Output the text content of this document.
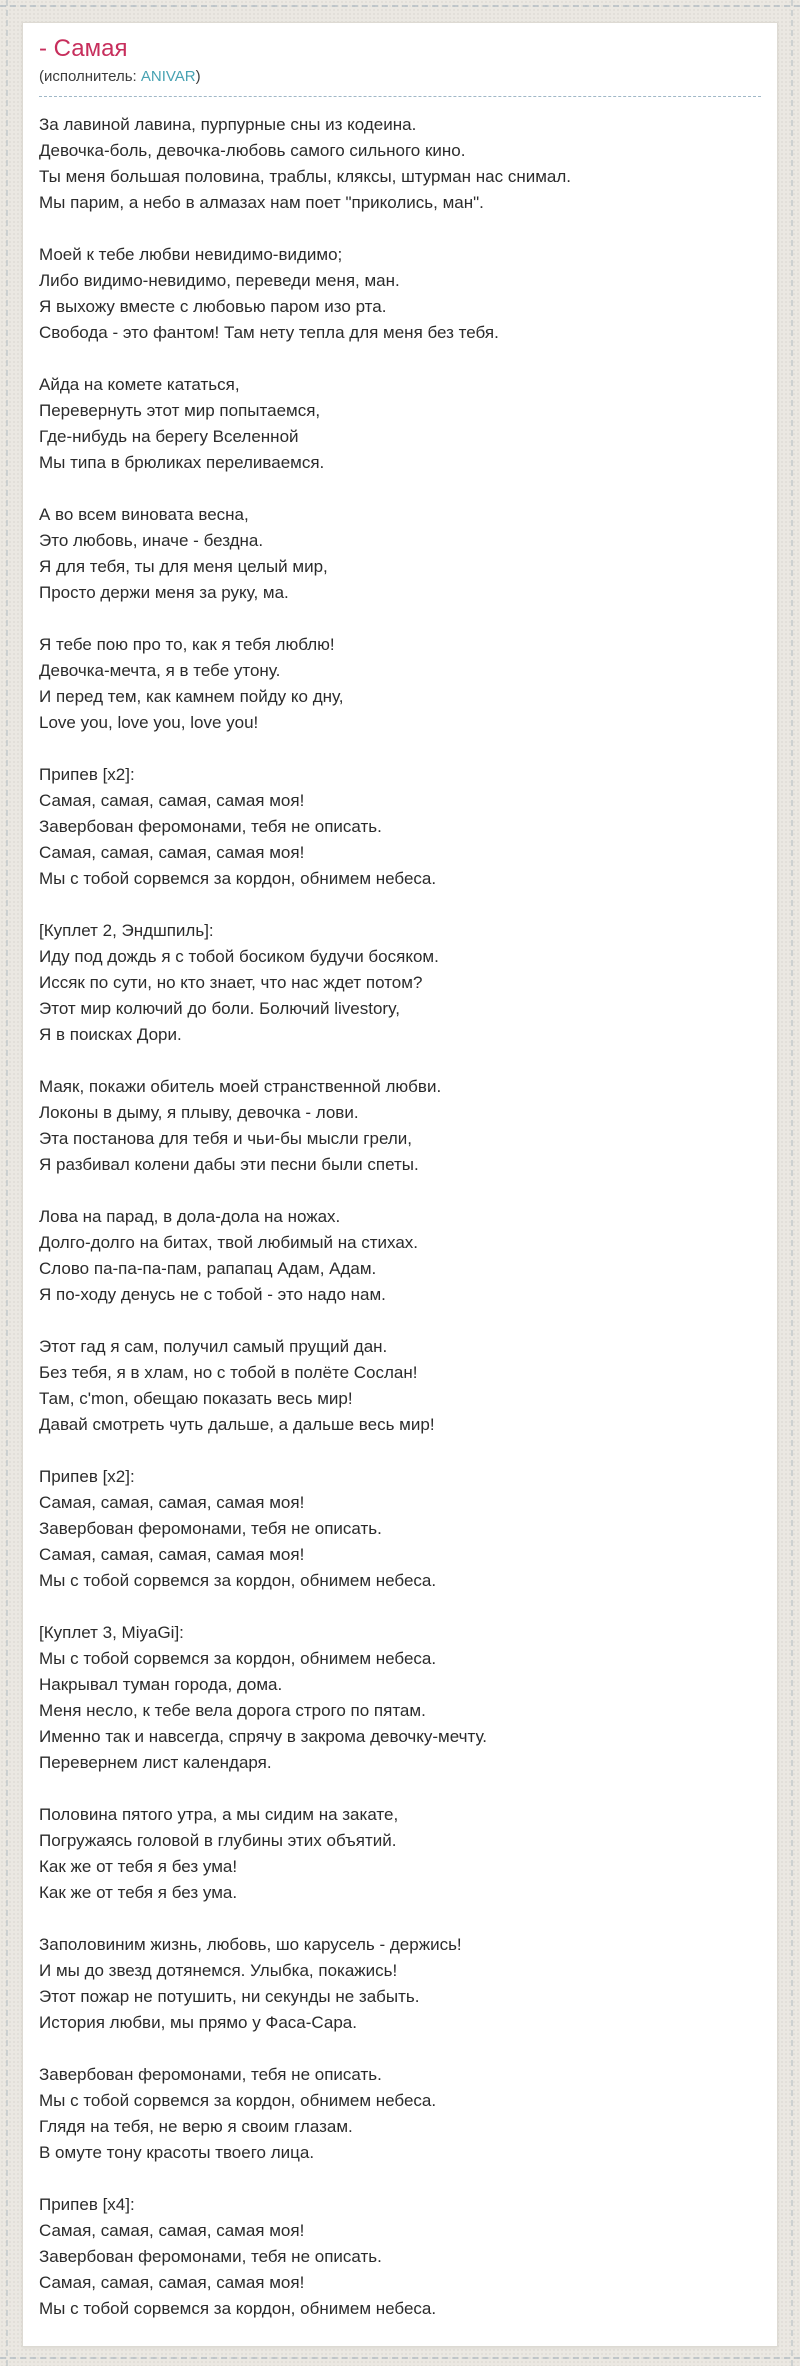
- Самая
(исполнитель: ANIVAR)
За лавиной лавина, пурпурные сны из кодеина.
Девочка-боль, девочка-любовь самого сильного кино.
Ты меня большая половина, траблы, кляксы, штурман нас снимал.
Мы парим, а небо в алмазах нам поет "приколись, ман".
Моей к тебе любви невидимо-видимо;
Либо видимо-невидимо, переведи меня, ман.
Я выхожу вместе с любовью паром изо рта.
Свобода - это фантом! Там нету тепла для меня без тебя.
Айда на комете кататься,
Перевернуть этот мир попытаемся,
Где-нибудь на берегу Вселенной
Мы типа в брюликах переливаемся.
А во всем виновата весна,
Это любовь, иначе - бездна.
Я для тебя, ты для меня целый мир,
Просто держи меня за руку, ма.
Я тебе пою про то, как я тебя люблю!
Девочка-мечта, я в тебе утону.
И перед тем, как камнем пойду ко дну,
Love you, love you, love you!
Припев [x2]:
Самая, самая, самая, самая моя!
Завербован феромонами, тебя не описать.
Самая, самая, самая, самая моя!
Мы с тобой сорвемся за кордон, обнимем небеса.
[Куплет 2, Эндшпиль]:
Иду под дождь я с тобой босиком будучи босяком.
Иссяк по сути, но кто знает, что нас ждет потом?
Этот мир колючий до боли. Болючий livestory,
Я в поисках Дори.
Маяк, покажи обитель моей странственной любви.
Локоны в дыму, я плыву, девочка - лови.
Эта постанова для тебя и чьи-бы мысли грели,
Я разбивал колени дабы эти песни были спеты.
Лова на парад, в дола-дола на ножах.
Долго-долго на битах, твой любимый на стихах.
Слово па-па-па-пам, рапапац Адам, Адам.
Я по-ходу денусь не с тобой - это надо нам.
Этот гад я сам, получил самый прущий дан.
Без тебя, я в хлам, но с тобой в полёте Сослан!
Там, c'mon, обещаю показать весь мир!
Давай смотреть чуть дальше, а дальше весь мир!
Припев [x2]:
Самая, самая, самая, самая моя!
Завербован феромонами, тебя не описать.
Самая, самая, самая, самая моя!
Мы с тобой сорвемся за кордон, обнимем небеса.
[Куплет 3, MiyaGi]:
Мы с тобой сорвемся за кордон, обнимем небеса.
Накрывал туман города, дома.
Меня несло, к тебе вела дорога строго по пятам.
Именно так и навсегда, спрячу в закрома девочку-мечту.
Перевернем лист календаря.
Половина пятого утра, а мы сидим на закате,
Погружаясь головой в глубины этих объятий.
Как же от тебя я без ума!
Как же от тебя я без ума.
Заполовиним жизнь, любовь, шо карусель - держись!
И мы до звезд дотянемся. Улыбка, покажись!
Этот пожар не потушить, ни секунды не забыть.
История любви, мы прямо у Фаса-Сара.
Завербован феромонами, тебя не описать.
Мы с тобой сорвемся за кордон, обнимем небеса.
Глядя на тебя, не верю я своим глазам.
В омуте тону красоты твоего лица.
Припев [x4]:
Самая, самая, самая, самая моя!
Завербован феромонами, тебя не описать.
Самая, самая, самая, самая моя!
Мы с тобой сорвемся за кордон, обнимем небеса.
